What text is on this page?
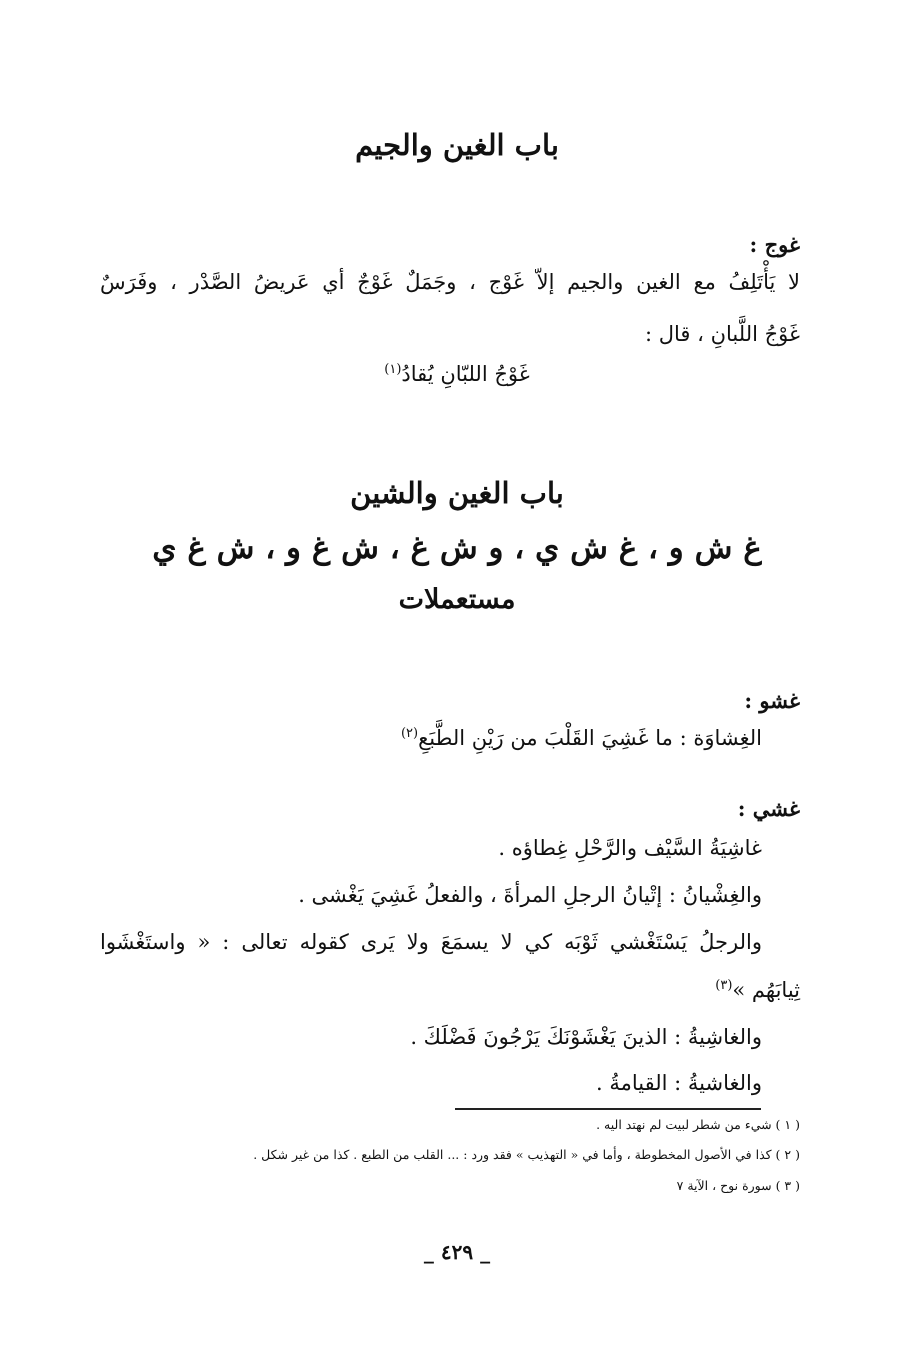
باب الغين والجيم
غوج :
لا يَأْتَلِفُ مع الغين والجيم إلاّ غَوْج ، وجَمَلٌ غَوْجٌ أي عَريضُ الصَّدْر ، وفَرَسٌ
غَوْجُ اللَّبانِ ، قال :
غَوْجُ اللبّانِ يُقادُ$^{(١)}$
باب الغين والشين
غ ش و ، غ ش ي ، و ش غ ، ش غ و ، ش غ ي
مستعملات
غشو :
الغِشاوَة : ما غَشِيَ القَلْبَ من رَيْنِ الطَّبَعِ$^{(٢)}$
غشي :
غاشِيَةُ السَّيْف والرَّحْلِ غِطاؤه .
والغِشْيانُ : إتْيانُ الرجلِ المرأةَ ، والفعلُ غَشِيَ يَغْشى .
والرجلُ يَسْتَغْشي ثَوْبَه كي لا يسمَعَ ولا يَرى كقوله تعالى : « واستَغْشَوا
ثِيابَهُم »$^{(٣)}$
والغاشِيةُ : الذينَ يَغْشَوْنَكَ يَرْجُونَ فَضْلَكَ .
والغاشيةُ : القيامةُ .
( ١ ) شيء من شطر لبيت لم نهتد اليه .
( ٢ ) كذا في الأصول المخطوطة ، وأما في « التهذيب » فقد ورد : ... القلب من الطبع . كذا من غير شكل .
( ٣ ) سورة نوح ، الآية ٧
_ ٤٢٩ _
